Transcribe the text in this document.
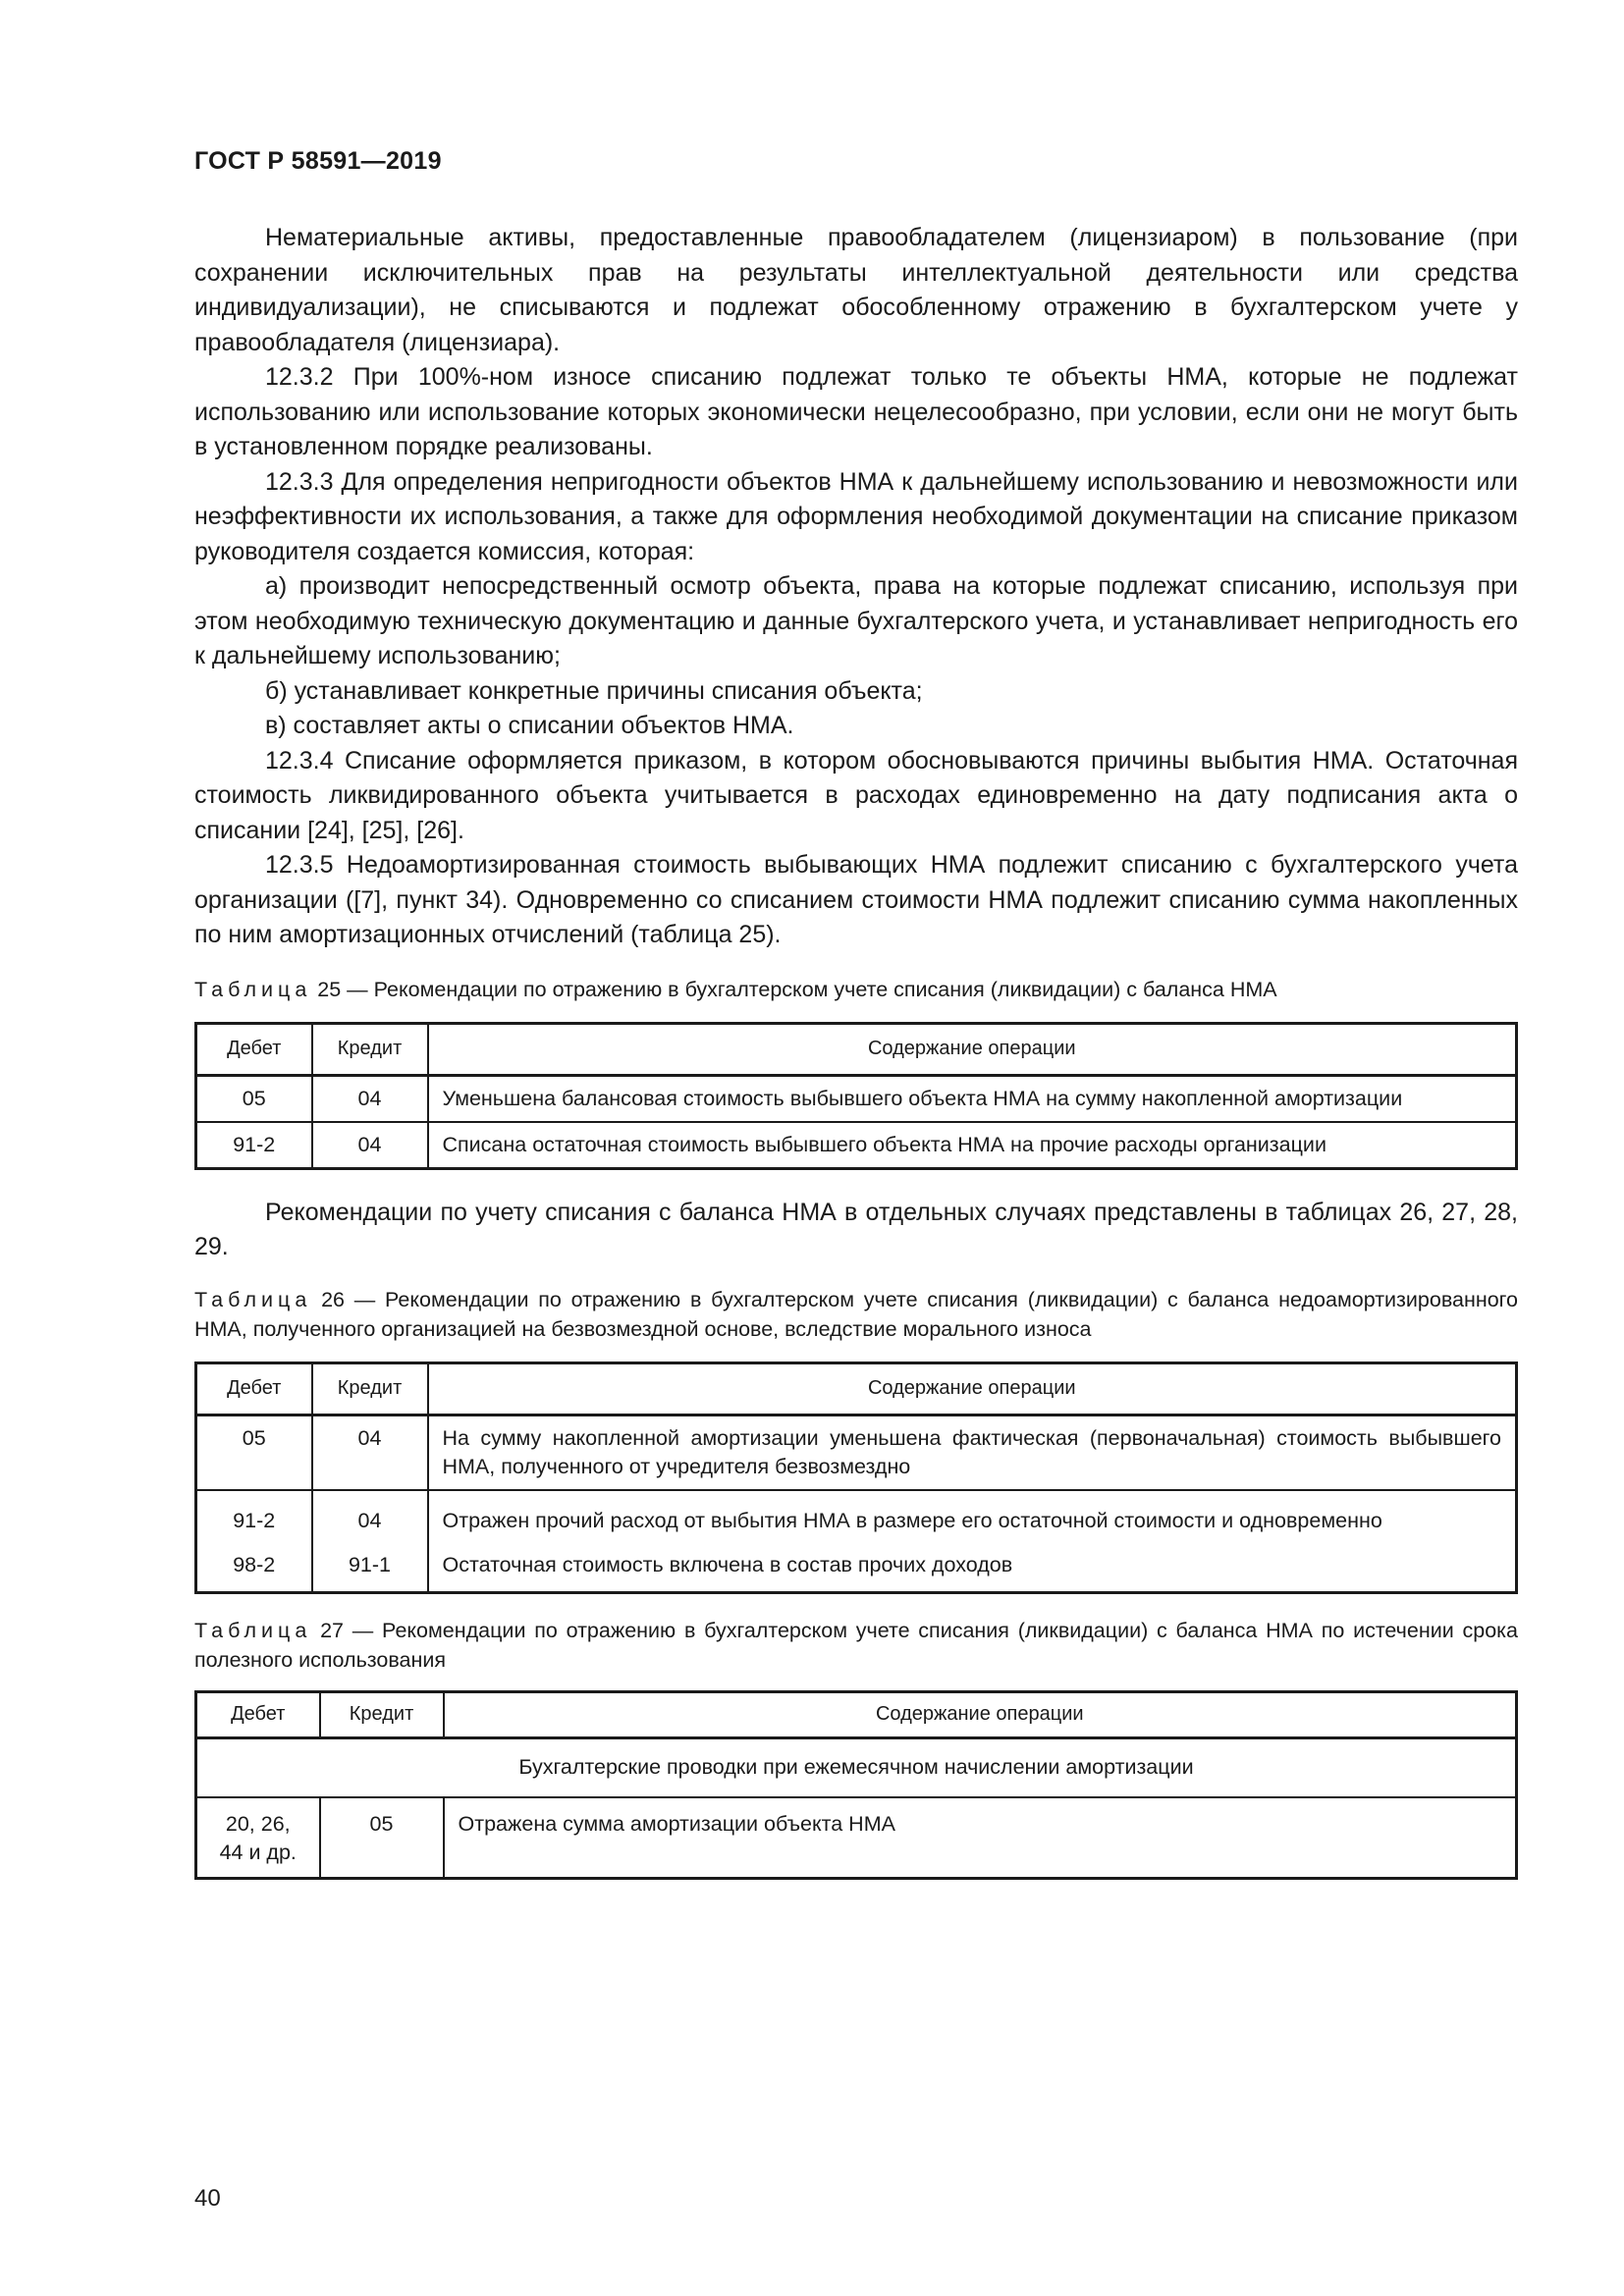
ГОСТ Р 58591—2019

Нематериальные активы, предоставленные правообладателем (лицензиаром) в пользование (при сохранении исключительных прав на результаты интеллектуальной деятельности или средства индивидуализации), не списываются и подлежат обособленному отражению в бухгалтерском учете у правообладателя (лицензиара).

12.3.2 При 100%-ном износе списанию подлежат только те объекты НМА, которые не подлежат использованию или использование которых экономически нецелесообразно, при условии, если они не могут быть в установленном порядке реализованы.

12.3.3 Для определения непригодности объектов НМА к дальнейшему использованию и невозможности или неэффективности их использования, а также для оформления необходимой документации на списание приказом руководителя создается комиссия, которая:

а) производит непосредственный осмотр объекта, права на которые подлежат списанию, используя при этом необходимую техническую документацию и данные бухгалтерского учета, и устанавливает непригодность его к дальнейшему использованию;

б) устанавливает конкретные причины списания объекта;

в) составляет акты о списании объектов НМА.

12.3.4 Списание оформляется приказом, в котором обосновываются причины выбытия НМА. Остаточная стоимость ликвидированного объекта учитывается в расходах единовременно на дату подписания акта о списании [24], [25], [26].

12.3.5 Недоамортизированная стоимость выбывающих НМА подлежит списанию с бухгалтерского учета организации ([7], пункт 34). Одновременно со списанием стоимости НМА подлежит списанию сумма накопленных по ним амортизационных отчислений (таблица 25).

Таблица 25 — Рекомендации по отражению в бухгалтерском учете списания (ликвидации) с баланса НМА

Дебет	Кредит	Содержание операции
05	04	Уменьшена балансовая стоимость выбывшего объекта НМА на сумму накопленной амортизации
91-2	04	Списана остаточная стоимость выбывшего объекта НМА на прочие расходы организации

Рекомендации по учету списания с баланса НМА в отдельных случаях представлены в таблицах 26, 27, 28, 29.

Таблица 26 — Рекомендации по отражению в бухгалтерском учете списания (ликвидации) с баланса недоамортизированного НМА, полученного организацией на безвозмездной основе, вследствие морального износа

Дебет	Кредит	Содержание операции
05	04	На сумму накопленной амортизации уменьшена фактическая (первоначальная) стоимость выбывшего НМА, полученного от учредителя безвозмездно
91-2	04	Отражен прочий расход от выбытия НМА в размере его остаточной стоимости и одновременно
98-2	91-1	Остаточная стоимость включена в состав прочих доходов

Таблица 27 — Рекомендации по отражению в бухгалтерском учете списания (ликвидации) с баланса НМА по истечении срока полезного использования

Дебет	Кредит	Содержание операции
Бухгалтерские проводки при ежемесячном начислении амортизации		
20, 26, 44 и др.	05	Отражена сумма амортизации объекта НМА
40
